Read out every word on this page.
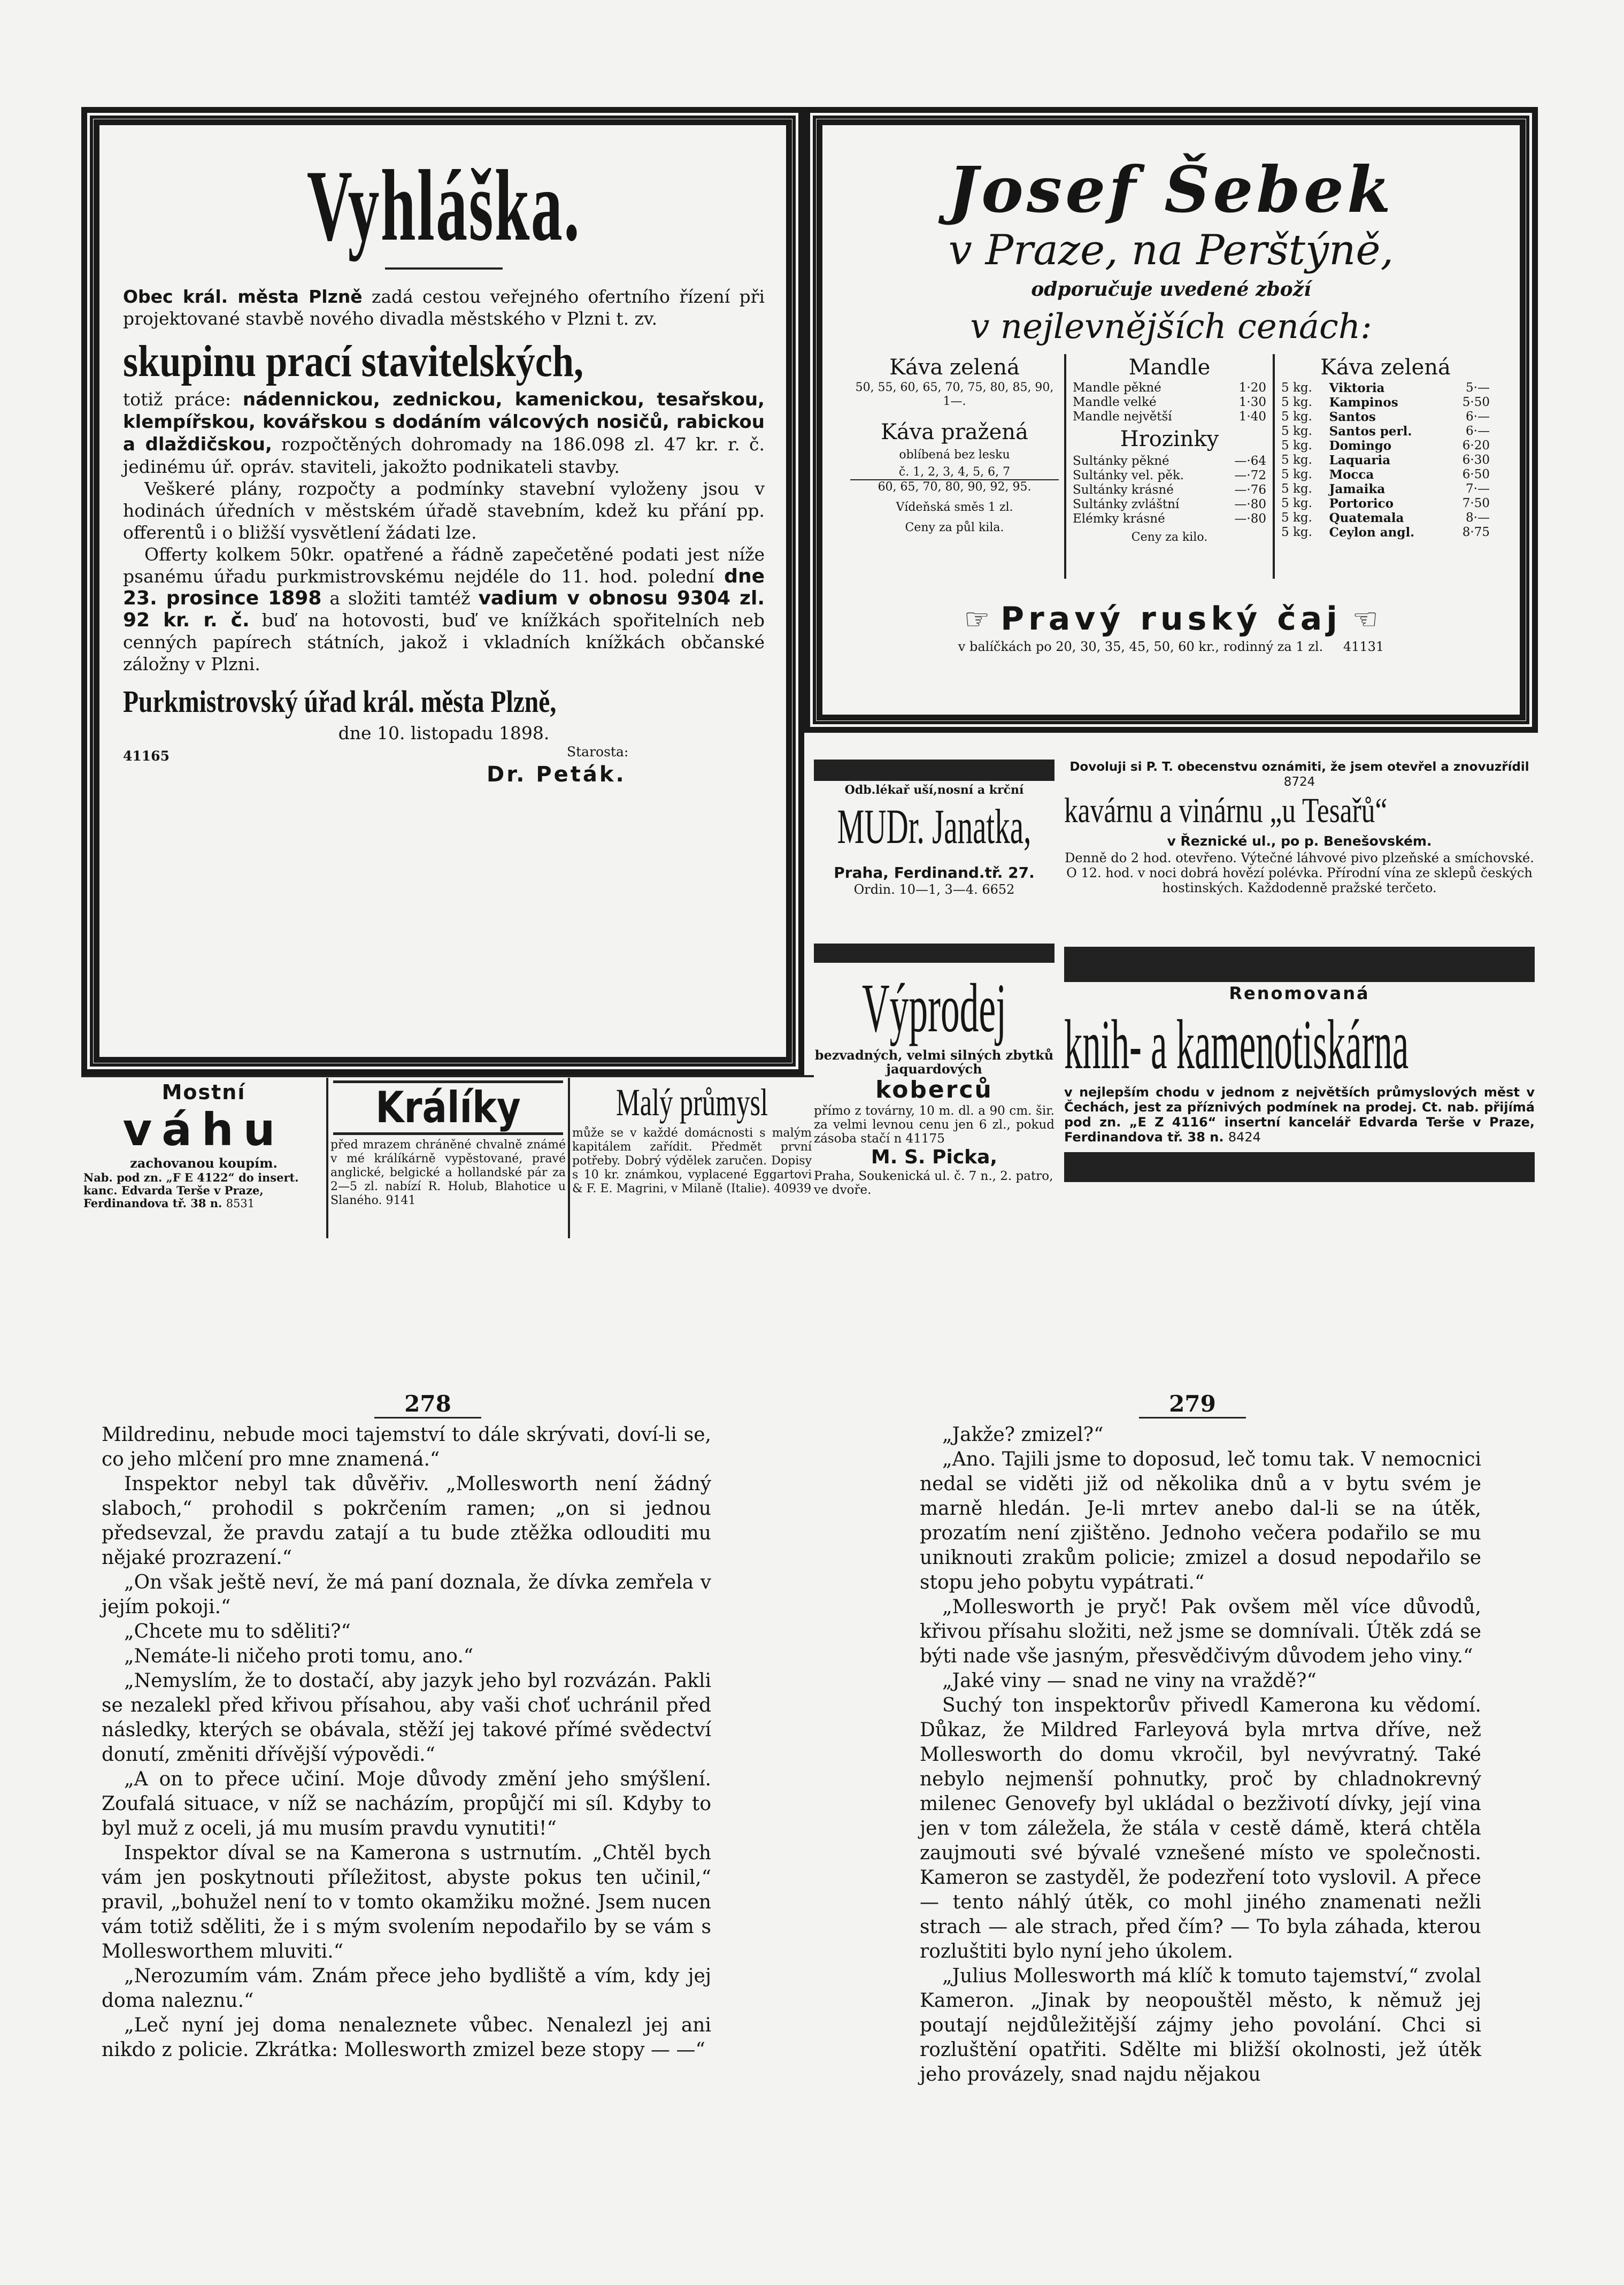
Vyhláška.

Obec král. města Plzně zadá cestou veřejného ofertního řízení při projektované stavbě nového divadla městského v Plzni t. zv.

skupinu prací stavitelských,

totiž práce: nádennickou, zednickou, kamenickou, tesařskou, klempířskou, kovářskou s dodáním válcových nosičů, rabickou a dlaždičskou, rozpočtěných dohromady na 186.098 zl. 47 kr. r. č. jedinému úř. opráv. staviteli, jakožto podnikateli stavby.

Veškeré plány, rozpočty a podmínky stavební vyloženy jsou v hodinách úředních v městském úřadě stavebním, kdež ku přání pp. offerentů i o bližší vysvětlení žádati lze.

Offerty kolkem 50kr. opatřené a řádně zapečetěné podati jest níže psanému úřadu purkmistrovskému nejdéle do 11. hod. polední dne 23. prosince 1898 a složiti tamtéž vadium v obnosu 9304 zl. 92 kr. r. č. buď na hotovosti, buď ve knížkách spořitelních neb cenných papírech státních, jakož i vkladních knížkách občanské záložny v Plzni.

Purkmistrovský úřad král. města Plzně,

dne 10. listopadu 1898.

41165	Starosta:
Dr. Peták.
Josef Šebek
v Praze, na Perštýně,
odporučuje uvedené zboží
v nejlevnějších cenách:
Káva zelená
50, 55, 60, 65, 70, 75, 80, 85, 90, 1—.
Káva pražená
oblíbená bez lesku
č. 1, 2, 3, 4, 5, 6, 7
60, 65, 70, 80, 90, 92, 95.
Vídeňská směs 1 zl.
Ceny za půl kila.
Mandle
Mandle pěkné	1·20
Mandle velké	1·30
Mandle největší	1·40
Hrozinky
Sultánky pěkné	—·64
Sultánky vel. pěk.	—·72
Sultánky krásné	—·76
Sultánky zvláštní	—·80
Elémky krásné	—·80
Ceny za kilo.
Káva zelená
5 kg.	Viktoria	5·—
5 kg.	Kampinos	5·50
5 kg.	Santos	6·—
5 kg.	Santos perl.	6·—
5 kg.	Domingo	6·20
5 kg.	Laquaria	6·30
5 kg.	Mocca	6·50
5 kg.	Jamaika	7·—
5 kg.	Portorico	7·50
5 kg.	Quatemala	8·—
5 kg.	Ceylon angl.	8·75
☞ Pravý ruský čaj ☜
v balíčkách po 20, 30, 35, 45, 50, 60 kr., rodinný za 1 zl. 41131
Odb.lékař uší,nosní a krční
MUDr. Janatka,
Praha, Ferdinand.tř. 27.
Ordin. 10—1, 3—4. 6652
Dovoluji si P. T. obecenstvu oznámiti, že jsem otevřel a znovuzřídil 8724
kavárnu a vinárnu „u Tesařů“
v Řeznické ul., po p. Benešovském.
Denně do 2 hod. otevřeno. Výtečné láhvové pivo plzeňské a smíchovské. O 12. hod. v noci dobrá hovězí polévka. Přírodní vína ze sklepů českých hostinských. Každodenně pražské terčeto.
Výprodej
bezvadných, velmi silných zbytků jaquardových
koberců
přímo z továrny, 10 m. dl. a 90 cm. šir. za velmi levnou cenu jen 6 zl., pokud zásoba stačí n 41175
M. S. Picka,
Praha, Soukenická ul. č. 7 n., 2. patro, ve dvoře.
Renomovaná
knih- a kamenotiskárna
v nejlepším chodu v jednom z největších průmyslových měst v Čechách, jest za příznivých podmínek na prodej. Ct. nab. přijímá pod zn. „E Z 4116“ insertní kancelář Edvarda Terše v Praze, Ferdinandova tř. 38 n. 8424
Mostní
váhu
zachovanou koupím.
Nab. pod zn. „F E 4122“ do insert. kanc. Edvarda Terše v Praze, Ferdinandova tř. 38 n. 8531
Králíky
před mrazem chráněné chvalně známé v mé králíkárně vypěstované, pravé anglické, belgické a hollandské pár za 2—5 zl. nabízí R. Holub, Blahotice u Slaného. 9141
Malý průmysl
může se v každé domácnosti s malým kapitálem zařídit. Předmět první potřeby. Dobrý výdělek zaručen. Dopisy s 10 kr. známkou, vyplacené Eggartovi & F. E. Magrini, v Milaně (Italie). 40939
278	279

Mildredinu, nebude moci tajemství to dále skrývati, doví-li se, co jeho mlčení pro mne znamená.“

Inspektor nebyl tak důvěřiv. „Mollesworth není žádný slaboch,“ prohodil s pokrčením ramen; „on si jednou předsevzal, že pravdu zatají a tu bude ztěžka odlouditi mu nějaké prozrazení.“

„On však ještě neví, že má paní doznala, že dívka zemřela v jejím pokoji.“

„Chcete mu to sděliti?“

„Nemáte-li ničeho proti tomu, ano.“

„Nemyslím, že to dostačí, aby jazyk jeho byl rozvázán. Pakli se nezalekl před křivou přísahou, aby vaši choť uchránil před následky, kterých se obávala, stěží jej takové přímé svědectví donutí, změniti dřívější výpovědi.“

„A on to přece učiní. Moje důvody změní jeho smýšlení. Zoufalá situace, v níž se nacházím, propůjčí mi síl. Kdyby to byl muž z oceli, já mu musím pravdu vynutiti!“

Inspektor díval se na Kamerona s ustrnutím. „Chtěl bych vám jen poskytnouti příležitost, abyste pokus ten učinil,“ pravil, „bohužel není to v tomto okamžiku možné. Jsem nucen vám totiž sděliti, že i s mým svolením nepodařilo by se vám s Mollesworthem mluviti.“

„Nerozumím vám. Znám přece jeho bydliště a vím, kdy jej doma naleznu.“

„Leč nyní jej doma nenaleznete vůbec. Nenalezl jej ani nikdo z policie. Zkrátka: Mollesworth zmizel beze stopy — —“

„Jakže? zmizel?“

„Ano. Tajili jsme to doposud, leč tomu tak. V nemocnici nedal se viděti již od několika dnů a v bytu svém je marně hledán. Je-li mrtev anebo dal-li se na útěk, prozatím není zjištěno. Jednoho večera podařilo se mu uniknouti zrakům policie; zmizel a dosud nepodařilo se stopu jeho pobytu vypátrati.“

„Mollesworth je pryč! Pak ovšem měl více důvodů, křivou přísahu složiti, než jsme se domnívali. Útěk zdá se býti nade vše jasným, přesvědčivým důvodem jeho viny.“

„Jaké viny — snad ne viny na vraždě?“

Suchý ton inspektorův přivedl Kamerona ku vědomí. Důkaz, že Mildred Farleyová byla mrtva dříve, než Mollesworth do domu vkročil, byl nevývratný. Také nebylo nejmenší pohnutky, proč by chladnokrevný milenec Genovefy byl ukládal o bezživotí dívky, její vina jen v tom záležela, že stála v cestě dámě, která chtěla zaujmouti své bývalé vznešené místo ve společnosti. Kameron se zastyděl, že podezření toto vyslovil. A přece — tento náhlý útěk, co mohl jiného znamenati nežli strach — ale strach, před čím? — To byla záhada, kterou rozluštiti bylo nyní jeho úkolem.

„Julius Mollesworth má klíč k tomuto tajemství,“ zvolal Kameron. „Jinak by neopouštěl město, k němuž jej poutají nejdůležitější zájmy jeho povolání. Chci si rozluštění opatřiti. Sdělte mi bližší okolnosti, jež útěk jeho provázely, snad najdu nějakou
